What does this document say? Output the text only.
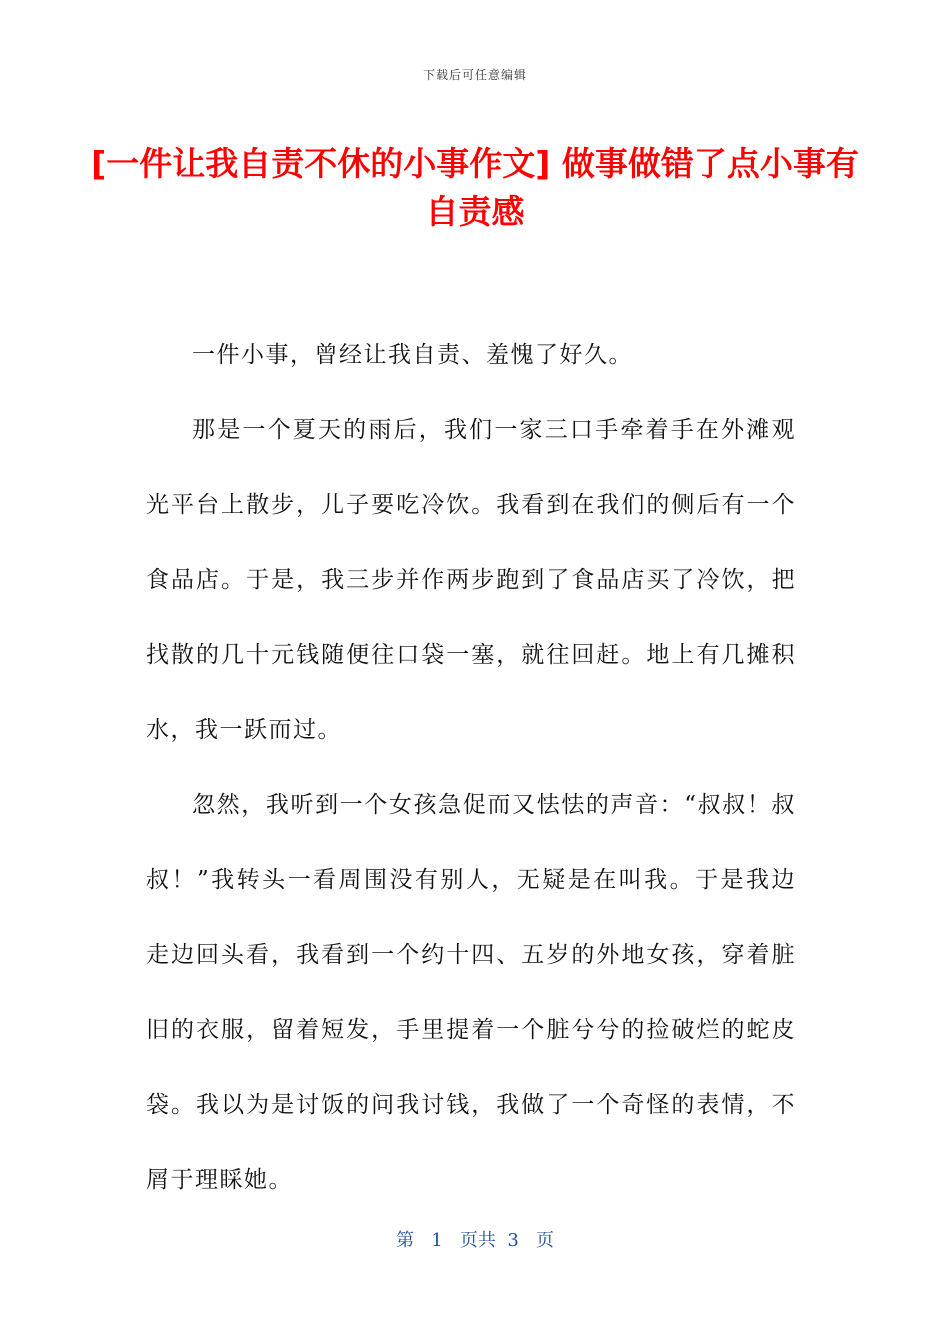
下载后可任意编辑
[一件让我自责不休的小事作文] 做事做错了点小事有自责感

一件小事，曾经让我自责、羞愧了好久。

那是一个夏天的雨后，我们一家三口手牵着手在外滩观光平台上散步，儿子要吃冷饮。我看到在我们的侧后有一个食品店。于是，我三步并作两步跑到了食品店买了冷饮，把找散的几十元钱随便往口袋一塞，就往回赶。地上有几摊积水，我一跃而过。

忽然，我听到一个女孩急促而又怯怯的声音：“叔叔！叔叔！”我转头一看周围没有别人，无疑是在叫我。于是我边走边回头看，我看到一个约十四、五岁的外地女孩，穿着脏旧的衣服，留着短发，手里提着一个脏兮兮的捡破烂的蛇皮袋。我以为是讨饭的问我讨钱，我做了一个奇怪的表情，不屑于理睬她。

第 1 页共 3 页
